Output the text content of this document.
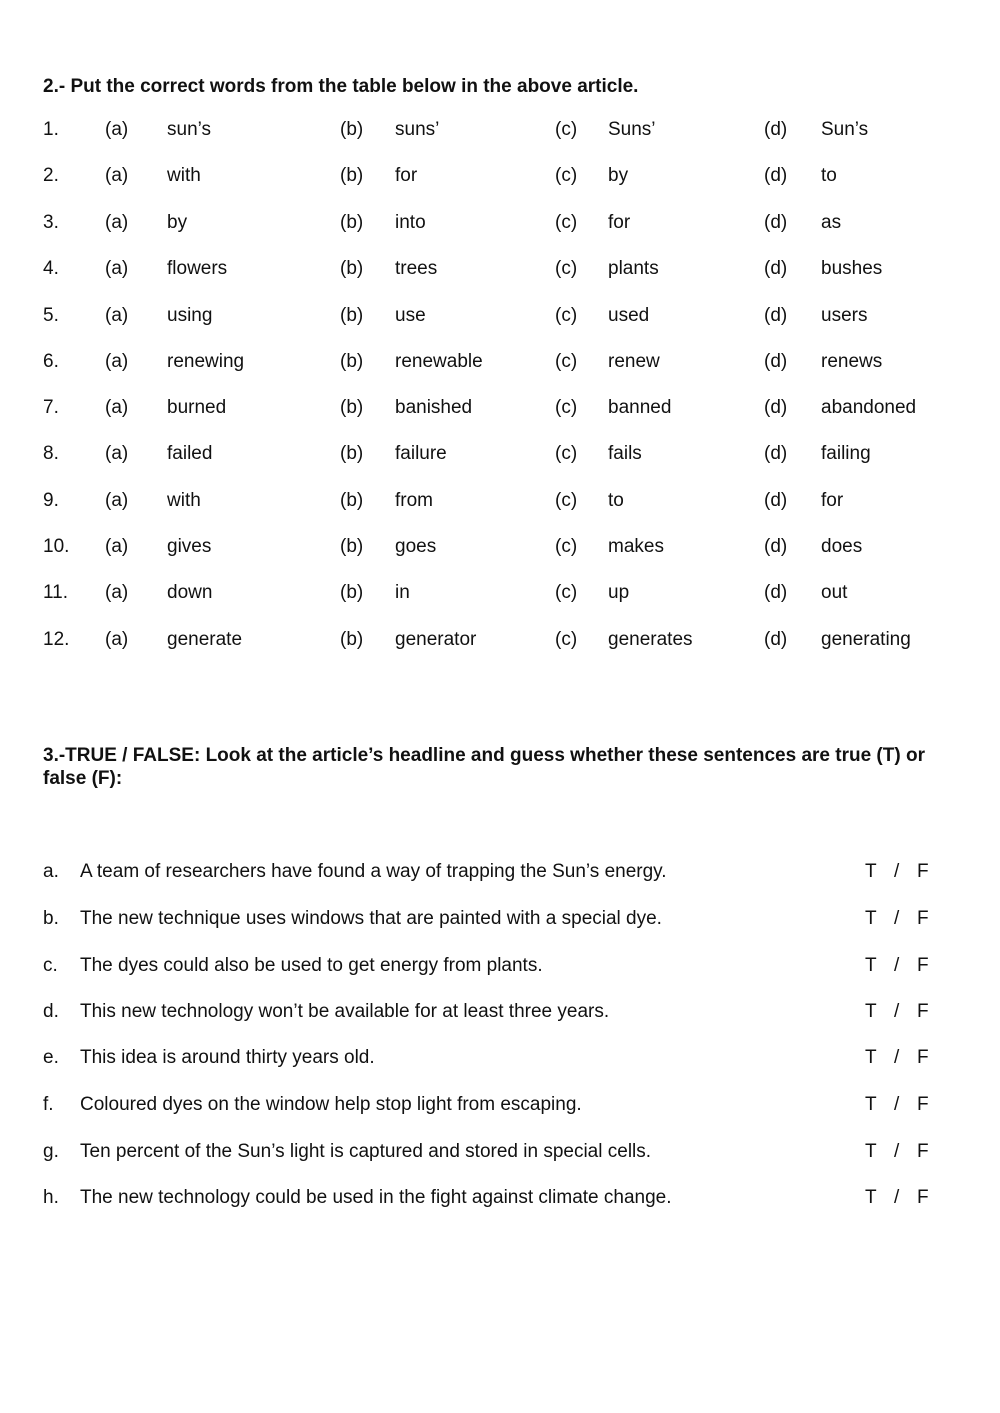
2.- Put the correct words from the table below in the above article.
1. (a) sun’s	(b) suns’	(c) Suns’	(d) Sun’s
2. (a) with	(b) for	(c) by	(d) to
3. (a) by	(b) into	(c) for	(d) as
4. (a) flowers	(b) trees	(c) plants	(d) bushes
5. (a) using	(b) use	(c) used	(d) users
6. (a) renewing	(b) renewable	(c) renew	(d) renews
7. (a) burned	(b) banished	(c) banned	(d) abandoned
8. (a) failed	(b) failure	(c) fails	(d) failing
9. (a) with	(b) from	(c) to	(d) for
10. (a) gives	(b) goes	(c) makes	(d) does
11. (a) down	(b) in	(c) up	(d) out
12. (a) generate	(b) generator	(c) generates	(d) generating
3.-TRUE / FALSE: Look at the article’s headline and guess whether these sentences are true (T) or false (F):
a. A team of researchers have found a way of trapping the Sun’s energy.	T / F
b. The new technique uses windows that are painted with a special dye.	T / F
c. The dyes could also be used to get energy from plants.	T / F
d. This new technology won’t be available for at least three years.	T / F
e. This idea is around thirty years old.	T / F
f. Coloured dyes on the window help stop light from escaping.	T / F
g. Ten percent of the Sun’s light is captured and stored in special cells.	T / F
h. The new technology could be used in the fight against climate change.	T / F
